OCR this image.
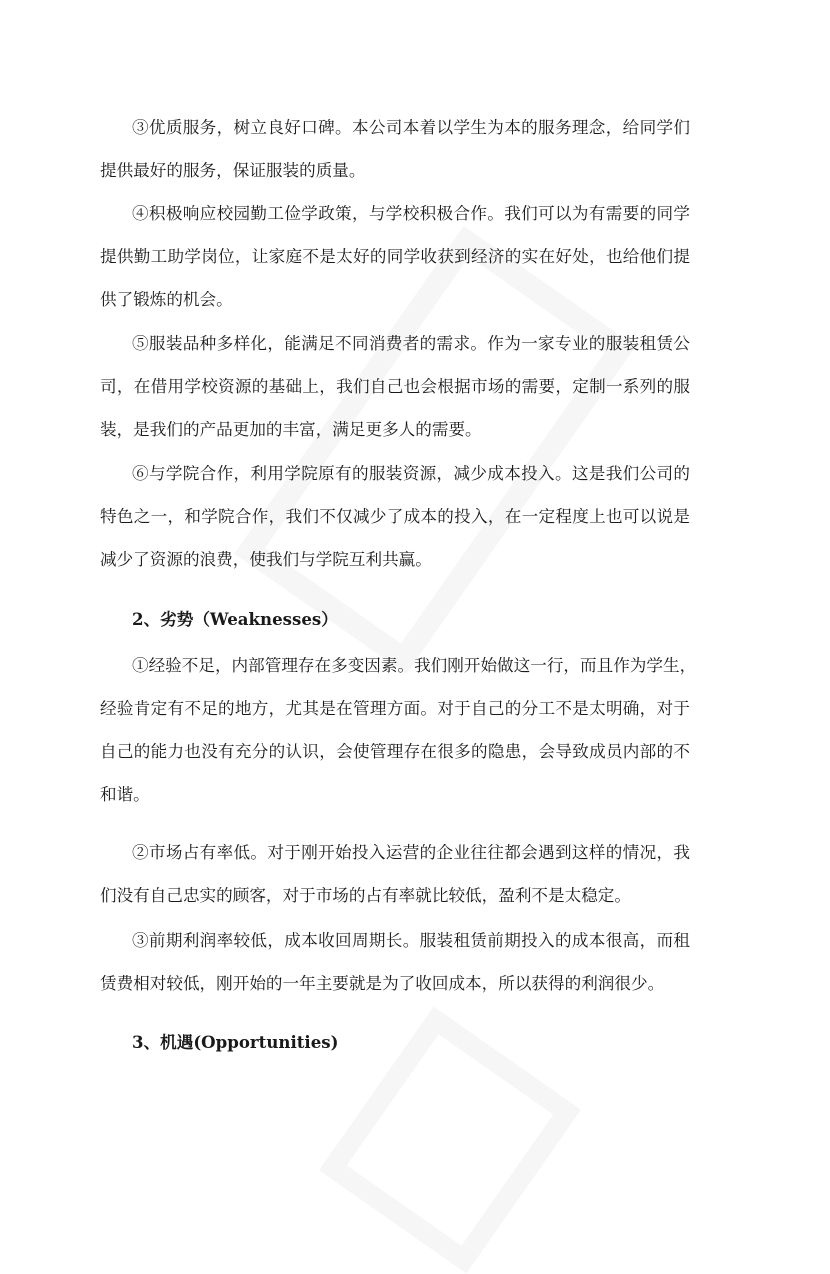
③优质服务，树立良好口碑。本公司本着以学生为本的服务理念，给同学们
提供最好的服务，保证服装的质量。
④积极响应校园勤工俭学政策，与学校积极合作。我们可以为有需要的同学
提供勤工助学岗位，让家庭不是太好的同学收获到经济的实在好处，也给他们提
供了锻炼的机会。
⑤服装品种多样化，能满足不同消费者的需求。作为一家专业的服装租赁公
司，在借用学校资源的基础上，我们自己也会根据市场的需要，定制一系列的服
装，是我们的产品更加的丰富，满足更多人的需要。
⑥与学院合作，利用学院原有的服装资源，减少成本投入。这是我们公司的
特色之一，和学院合作，我们不仅减少了成本的投入，在一定程度上也可以说是
减少了资源的浪费，使我们与学院互利共赢。
2、劣势（Weaknesses）
①经验不足，内部管理存在多变因素。我们刚开始做这一行，而且作为学生，
经验肯定有不足的地方，尤其是在管理方面。对于自己的分工不是太明确，对于
自己的能力也没有充分的认识，会使管理存在很多的隐患，会导致成员内部的不
和谐。
②市场占有率低。对于刚开始投入运营的企业往往都会遇到这样的情况，我
们没有自己忠实的顾客，对于市场的占有率就比较低，盈利不是太稳定。
③前期利润率较低，成本收回周期长。服装租赁前期投入的成本很高，而租
赁费相对较低，刚开始的一年主要就是为了收回成本，所以获得的利润很少。
3、机遇(Opportunities)
